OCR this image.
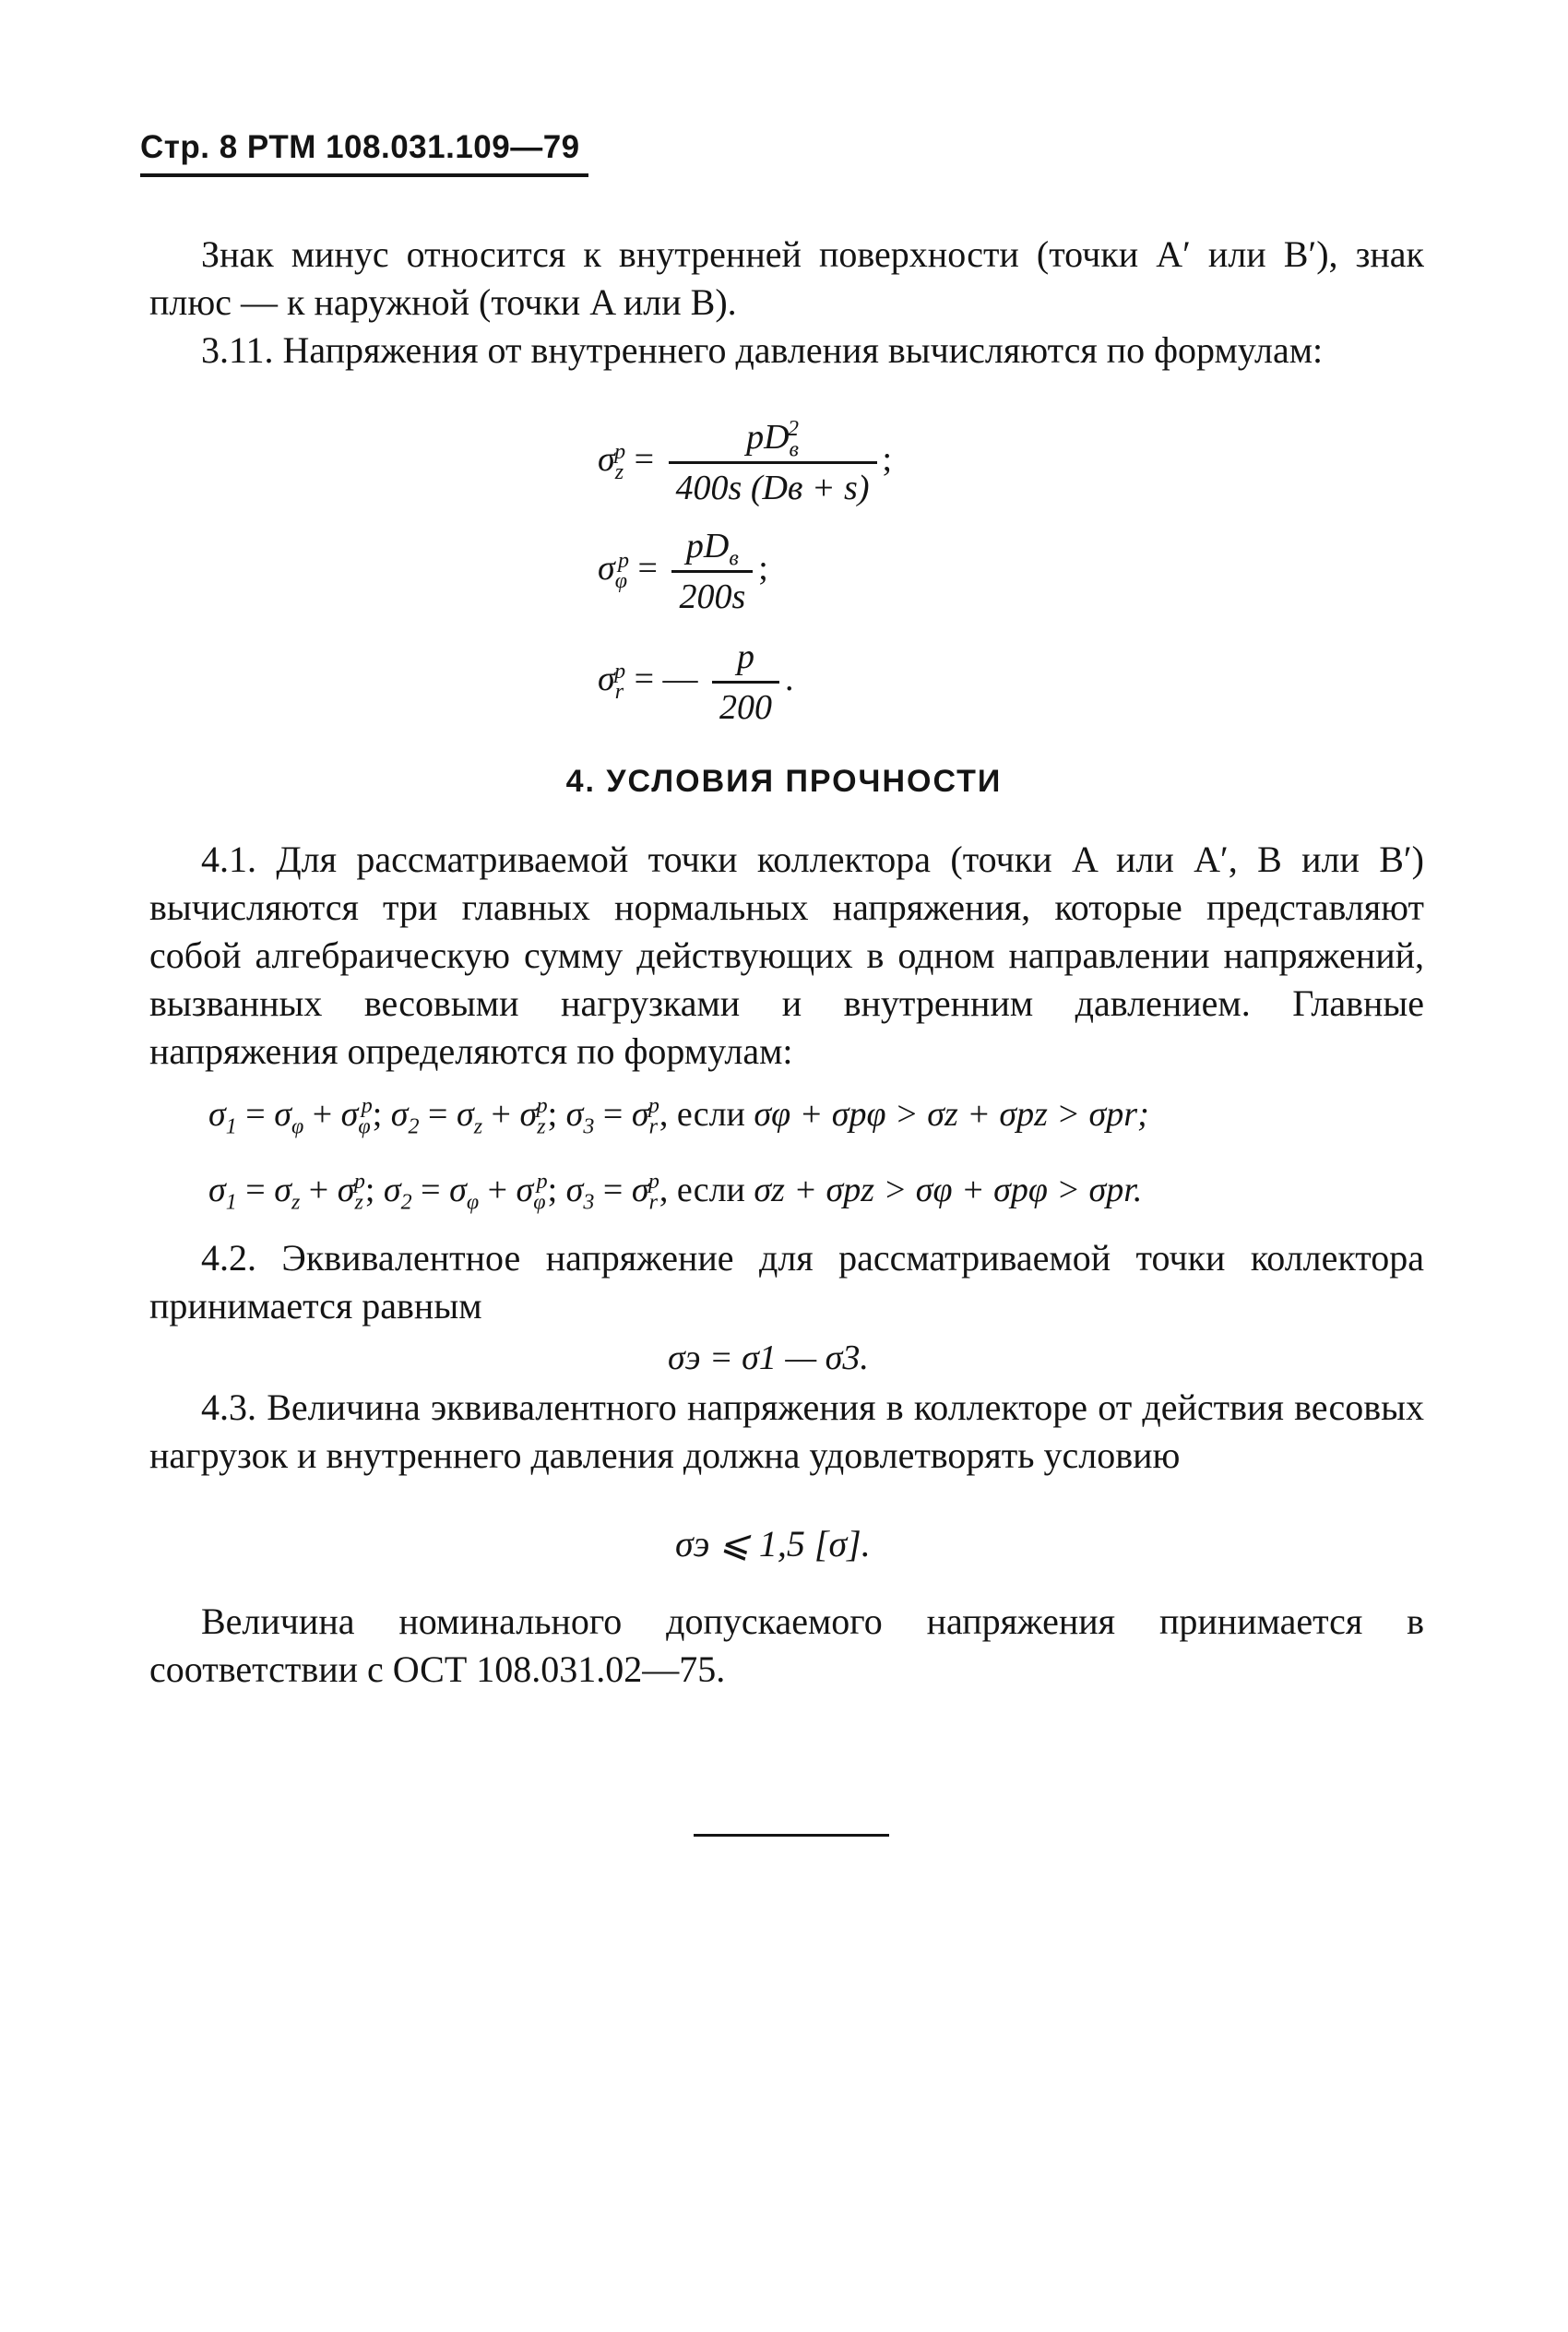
Стр. 8 РТМ 108.031.109—79
Знак минус относится к внутренней поверхности (точки A′ или B′), знак плюс — к наружной (точки A или B).
3.11. Напряжения от внутреннего давления вычисляются по формулам:
$\sigma_z^p = \frac{pD_в^2}{400s (Dв + s)}$ ;
$\sigma_\varphi^p = \frac{pD_в}{200s}$ ;
$\sigma_r^p$ = — $\frac{p}{200}$ .
4. УСЛОВИЯ ПРОЧНОСТИ
4.1. Для рассматриваемой точки коллектора (точки A или A′, B или B′) вычисляются три главных нормальных напряжения, которые представляют собой алгебраическую сумму действующих в одном направлении напряжений, вызванных весовыми нагрузками и внутренним давлением. Главные напряжения определяются по формулам:
$\sigma_1 = \sigma_\varphi + \sigma_\varphi^p$; $\sigma_2 = \sigma_z + \sigma_z^p$; $\sigma_3 = \sigma_r^p$, если σφ + σpφ > σz + σpz > σpr;
$\sigma_1 = \sigma_z + \sigma_z^p$; $\sigma_2 = \sigma_\varphi + \sigma_\varphi^p$; $\sigma_3 = \sigma_r^p$, если σz + σpz > σφ + σpφ > σpr.
4.2. Эквивалентное напряжение для рассматриваемой точки коллектора принимается равным
σэ = σ1 — σ3.
4.3. Величина эквивалентного напряжения в коллекторе от действия весовых нагрузок и внутреннего давления должна удовлетворять условию
σэ ⩽ 1,5 [σ].
Величина номинального допускаемого напряжения принимается в соответствии с ОСТ 108.031.02—75.
